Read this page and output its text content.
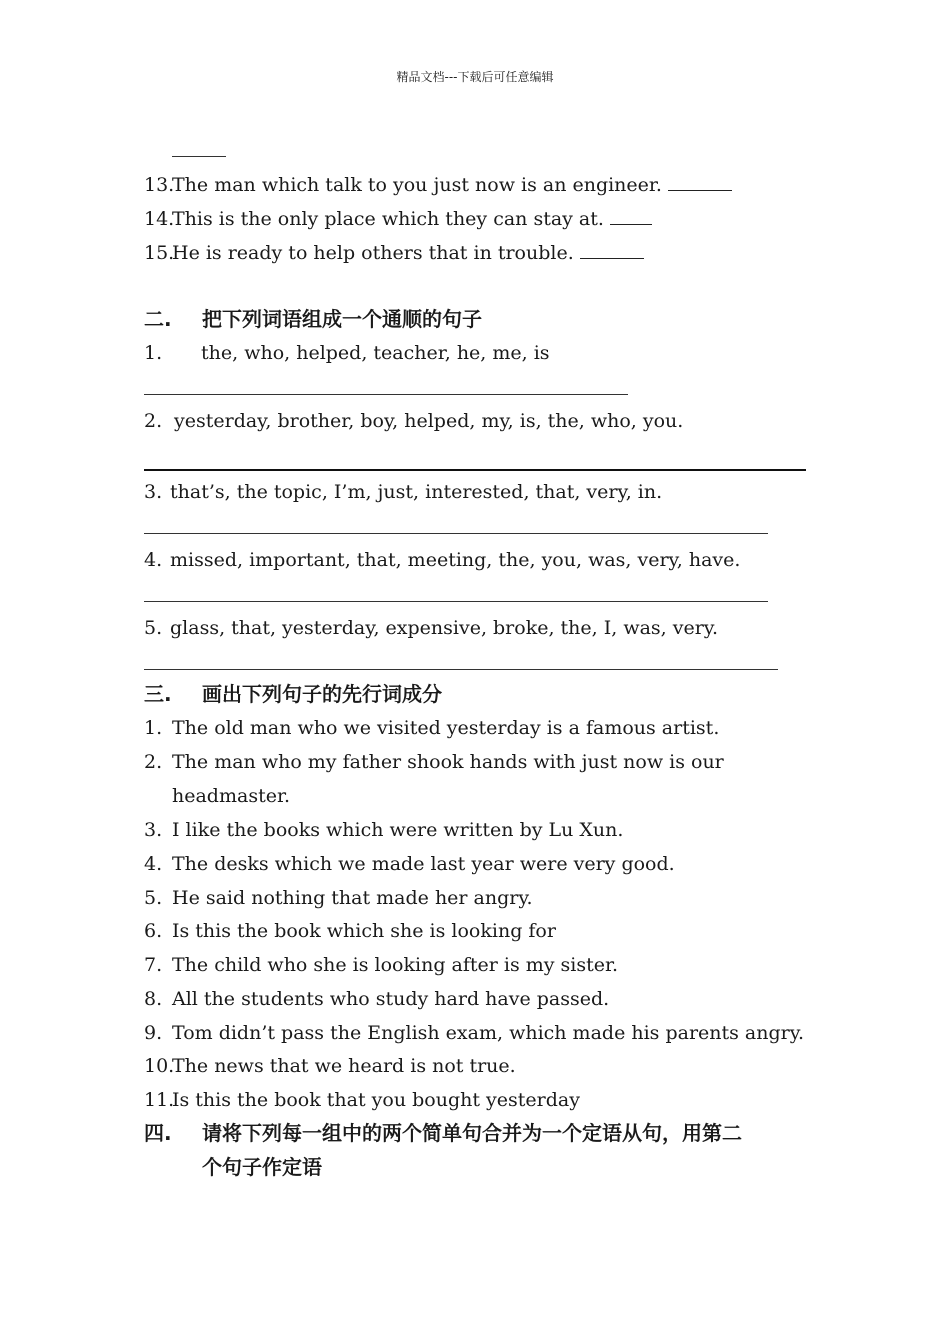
精品文档---下载后可任意编辑
13.The man which talk to you just now is an engineer.
14.This is the only place which they can stay at.
15.He is ready to help others that in trouble.
二. 把下列词语组成一个通顺的句子
1. the, who, helped, teacher, he, me, is
2. yesterday, brother, boy, helped, my, is, the, who, you.
3. that’s, the topic, I’m, just, interested, that, very, in.
4. missed, important, that, meeting, the, you, was, very, have.
5. glass, that, yesterday, expensive, broke, the, I, was, very.
三. 画出下列句子的先行词成分
1. The old man who we visited yesterday is a famous artist.
2. The man who my father shook hands with just now is our
headmaster.
3. I like the books which were written by Lu Xun.
4. The desks which we made last year were very good.
5. He said nothing that made her angry.
6. Is this the book which she is looking for
7. The child who she is looking after is my sister.
8. All the students who study hard have passed.
9. Tom didn’t pass the English exam, which made his parents angry.
10.The news that we heard is not true.
11.Is this the book that you bought yesterday
四. 请将下列每一组中的两个简单句合并为一个定语从句，用第二
个句子作定语
